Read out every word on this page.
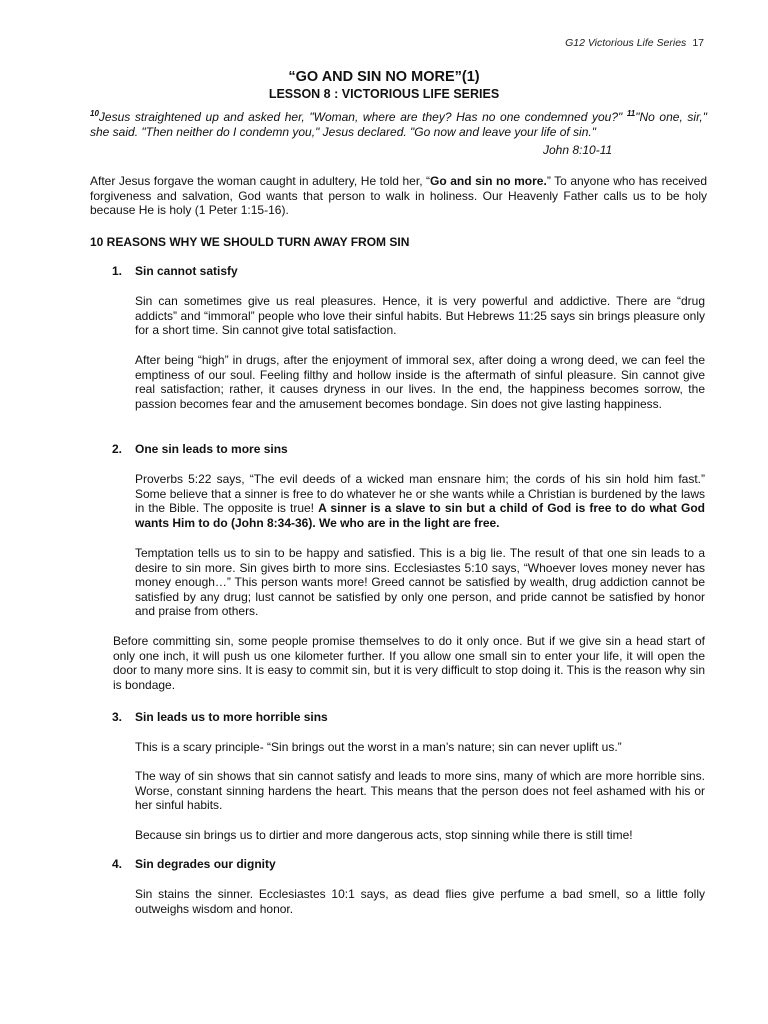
G12 Victorious Life Series 17
“GO AND SIN NO MORE”(1)
LESSON 8 : VICTORIOUS LIFE SERIES
$^{10}$Jesus straightened up and asked her, "Woman, where are they? Has no one condemned you?" $^{11}$"No one, sir," she said. "Then neither do I condemn you," Jesus declared. "Go now and leave your life of sin."
John 8:10-11

After Jesus forgave the woman caught in adultery, He told her, “Go and sin no more.” To anyone who has received forgiveness and salvation, God wants that person to walk in holiness. Our Heavenly Father calls us to be holy because He is holy (1 Peter 1:15-16).

10 REASONS WHY WE SHOULD TURN AWAY FROM SIN
1. Sin cannot satisfy

Sin can sometimes give us real pleasures. Hence, it is very powerful and addictive. There are “drug addicts” and “immoral” people who love their sinful habits. But Hebrews 11:25 says sin brings pleasure only for a short time. Sin cannot give total satisfaction.

After being “high” in drugs, after the enjoyment of immoral sex, after doing a wrong deed, we can feel the emptiness of our soul. Feeling filthy and hollow inside is the aftermath of sinful pleasure. Sin cannot give real satisfaction; rather, it causes dryness in our lives. In the end, the happiness becomes sorrow, the passion becomes fear and the amusement becomes bondage. Sin does not give lasting happiness.

2. One sin leads to more sins

Proverbs 5:22 says, “The evil deeds of a wicked man ensnare him; the cords of his sin hold him fast.” Some believe that a sinner is free to do whatever he or she wants while a Christian is burdened by the laws in the Bible. The opposite is true! A sinner is a slave to sin but a child of God is free to do what God wants Him to do (John 8:34-36). We who are in the light are free.

Temptation tells us to sin to be happy and satisfied. This is a big lie. The result of that one sin leads to a desire to sin more. Sin gives birth to more sins. Ecclesiastes 5:10 says, “Whoever loves money never has money enough…” This person wants more! Greed cannot be satisfied by wealth, drug addiction cannot be satisfied by any drug; lust cannot be satisfied by only one person, and pride cannot be satisfied by honor and praise from others.

Before committing sin, some people promise themselves to do it only once. But if we give sin a head start of only one inch, it will push us one kilometer further. If you allow one small sin to enter your life, it will open the door to many more sins. It is easy to commit sin, but it is very difficult to stop doing it. This is the reason why sin is bondage.

3. Sin leads us to more horrible sins

This is a scary principle- “Sin brings out the worst in a man’s nature; sin can never uplift us.”

The way of sin shows that sin cannot satisfy and leads to more sins, many of which are more horrible sins. Worse, constant sinning hardens the heart. This means that the person does not feel ashamed with his or her sinful habits.

Because sin brings us to dirtier and more dangerous acts, stop sinning while there is still time!

4. Sin degrades our dignity

Sin stains the sinner. Ecclesiastes 10:1 says, as dead flies give perfume a bad smell, so a little folly outweighs wisdom and honor.
